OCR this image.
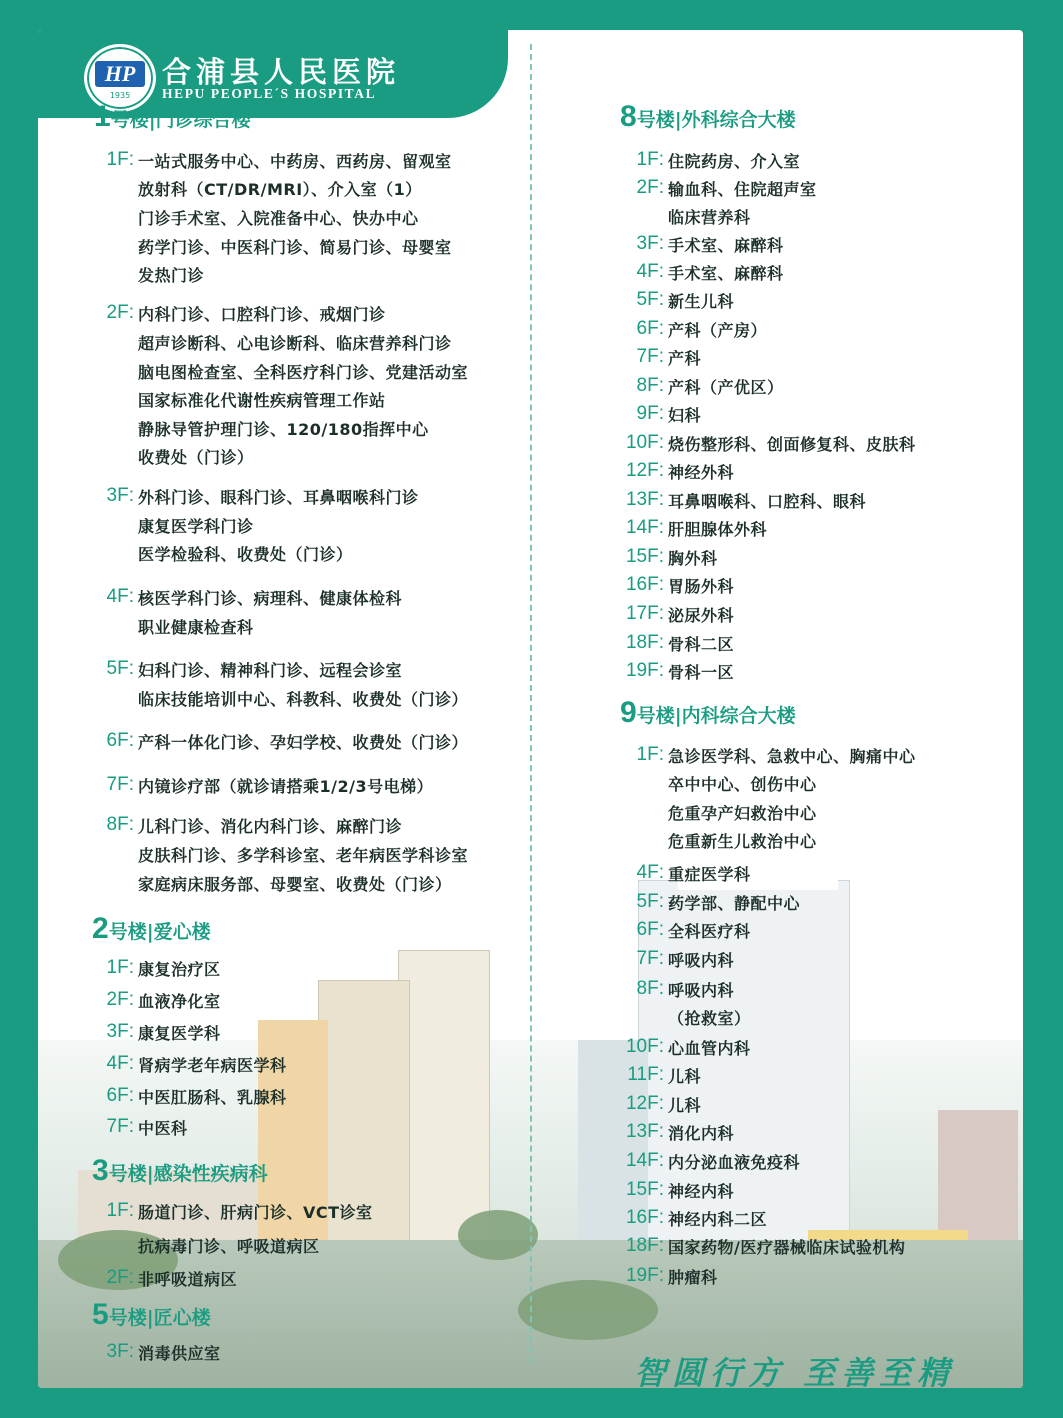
HP
1935
合浦县人民医院
HEPU PEOPLE´S HOSPITAL
1号楼|门诊综合楼
1F: 一站式服务中心、中药房、西药房、留观室
放射科（CT/DR/MRI）、介入室（1）
门诊手术室、入院准备中心、快办中心
药学门诊、中医科门诊、简易门诊、母婴室
发热门诊
2F: 内科门诊、口腔科门诊、戒烟门诊
超声诊断科、心电诊断科、临床营养科门诊
脑电图检查室、全科医疗科门诊、党建活动室
国家标准化代谢性疾病管理工作站
静脉导管护理门诊、120/180指挥中心
收费处（门诊）
3F: 外科门诊、眼科门诊、耳鼻咽喉科门诊
康复医学科门诊
医学检验科、收费处（门诊）
4F: 核医学科门诊、病理科、健康体检科
职业健康检查科
5F: 妇科门诊、精神科门诊、远程会诊室
临床技能培训中心、科教科、收费处（门诊）
6F: 产科一体化门诊、孕妇学校、收费处（门诊）
7F: 内镜诊疗部（就诊请搭乘1/2/3号电梯）
8F: 儿科门诊、消化内科门诊、麻醉门诊
皮肤科门诊、多学科诊室、老年病医学科诊室
家庭病床服务部、母婴室、收费处（门诊）
2号楼|爱心楼
1F: 康复治疗区
2F: 血液净化室
3F: 康复医学科
4F: 肾病学老年病医学科
6F: 中医肛肠科、乳腺科
7F: 中医科
3号楼|感染性疾病科
1F: 肠道门诊、肝病门诊、VCT诊室
抗病毒门诊、呼吸道病区
2F: 非呼吸道病区
5号楼|匠心楼
3F: 消毒供应室
8号楼|外科综合大楼
1F: 住院药房、介入室
2F: 输血科、住院超声室
临床营养科
3F: 手术室、麻醉科
4F: 手术室、麻醉科
5F: 新生儿科
6F: 产科（产房）
7F: 产科
8F: 产科（产优区）
9F: 妇科
10F: 烧伤整形科、创面修复科、皮肤科
12F: 神经外科
13F: 耳鼻咽喉科、口腔科、眼科
14F: 肝胆腺体外科
15F: 胸外科
16F: 胃肠外科
17F: 泌尿外科
18F: 骨科二区
19F: 骨科一区
9号楼|内科综合大楼
1F: 急诊医学科、急救中心、胸痛中心
卒中中心、创伤中心
危重孕产妇救治中心
危重新生儿救治中心
4F: 重症医学科
5F: 药学部、静配中心
6F: 全科医疗科
7F: 呼吸内科
8F: 呼吸内科
（抢救室）
10F: 心血管内科
11F: 儿科
12F: 儿科
13F: 消化内科
14F: 内分泌血液免疫科
15F: 神经内科
16F: 神经内科二区
18F: 国家药物/医疗器械临床试验机构
19F: 肿瘤科
智圆行方 至善至精
